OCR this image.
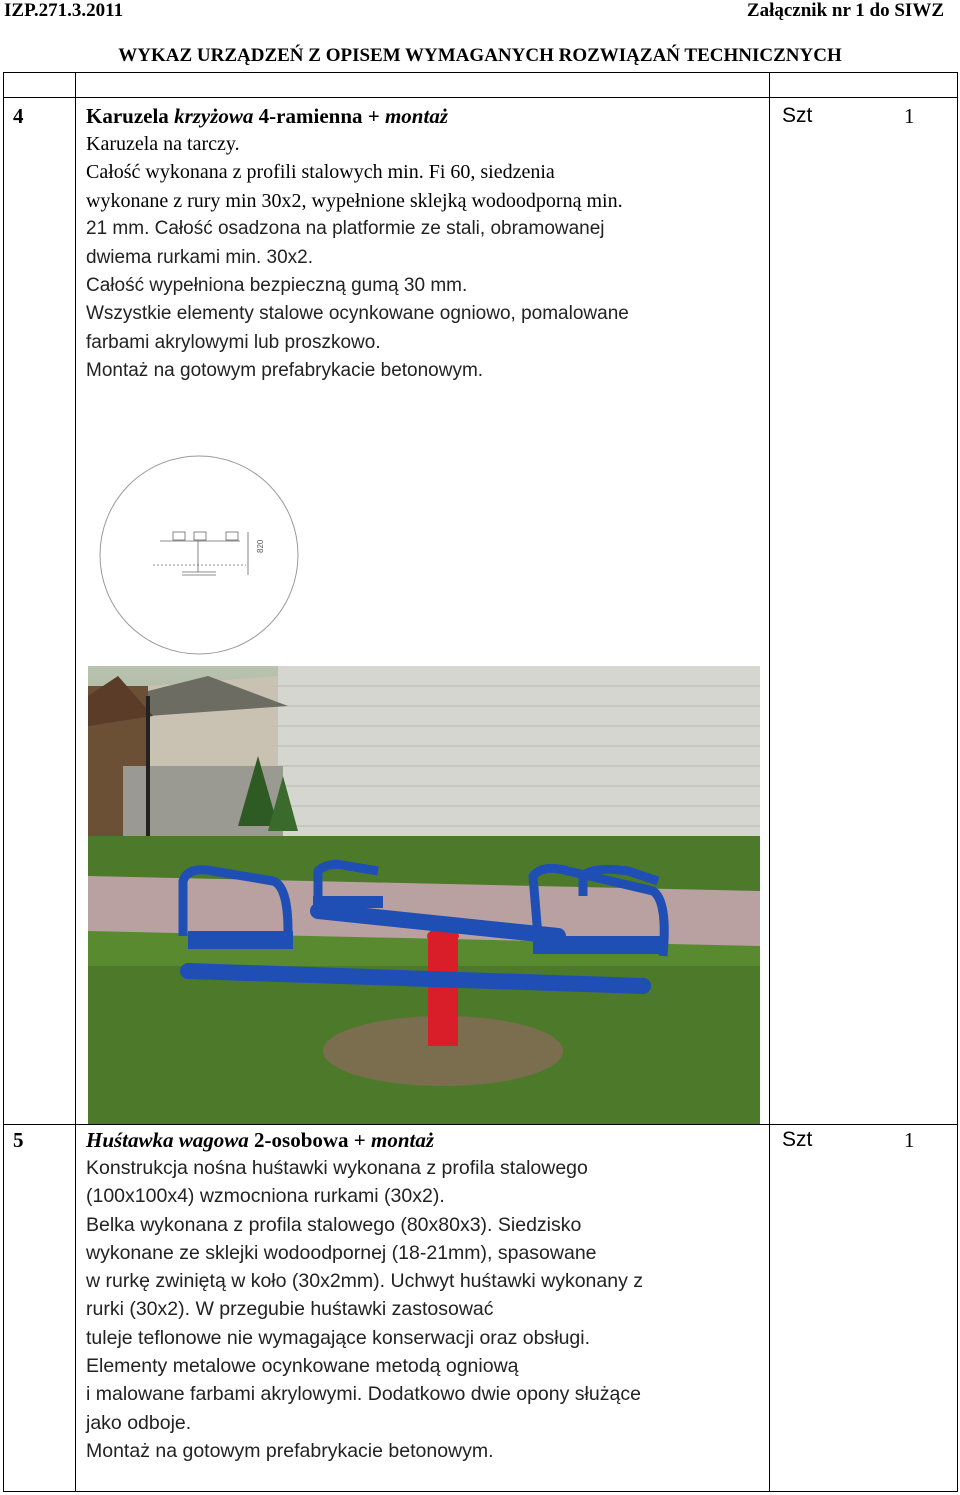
IZP.271.3.2011	Załącznik nr 1 do SIWZ
WYKAZ URZĄDZEŃ Z OPISEM WYMAGANYCH ROZWIĄZAŃ TECHNICZNYCH
4	Karuzela krzyżowa 4-ramienna + montaż	Szt	1
Karuzela na tarczy.
Całość wykonana z profili stalowych min. Fi 60, siedzenia
wykonane z rury min 30x2, wypełnione sklejką wodoodporną min.
21 mm. Całość osadzona na platformie ze stali, obramowanej
dwiema rurkami min. 30x2.
Całość wypełniona bezpieczną gumą 30 mm.
Wszystkie elementy stalowe ocynkowane ogniowo, pomalowane
farbami akrylowymi lub proszkowo.
Montaż na gotowym prefabrykacie betonowym.
820
5	Huśtawka wagowa 2-osobowa + montaż	Szt	1
Konstrukcja nośna huśtawki wykonana z profila stalowego
(100x100x4) wzmocniona rurkami (30x2).
Belka wykonana z profila stalowego (80x80x3). Siedzisko
wykonane ze sklejki wodoodpornej (18-21mm), spasowane
w rurkę zwiniętą w koło (30x2mm). Uchwyt huśtawki wykonany z
rurki (30x2). W przegubie huśtawki zastosować
tuleje teflonowe nie wymagające konserwacji oraz obsługi.
Elementy metalowe ocynkowane metodą ogniową
i malowane farbami akrylowymi. Dodatkowo dwie opony służące
jako odboje.
Montaż na gotowym prefabrykacie betonowym.
